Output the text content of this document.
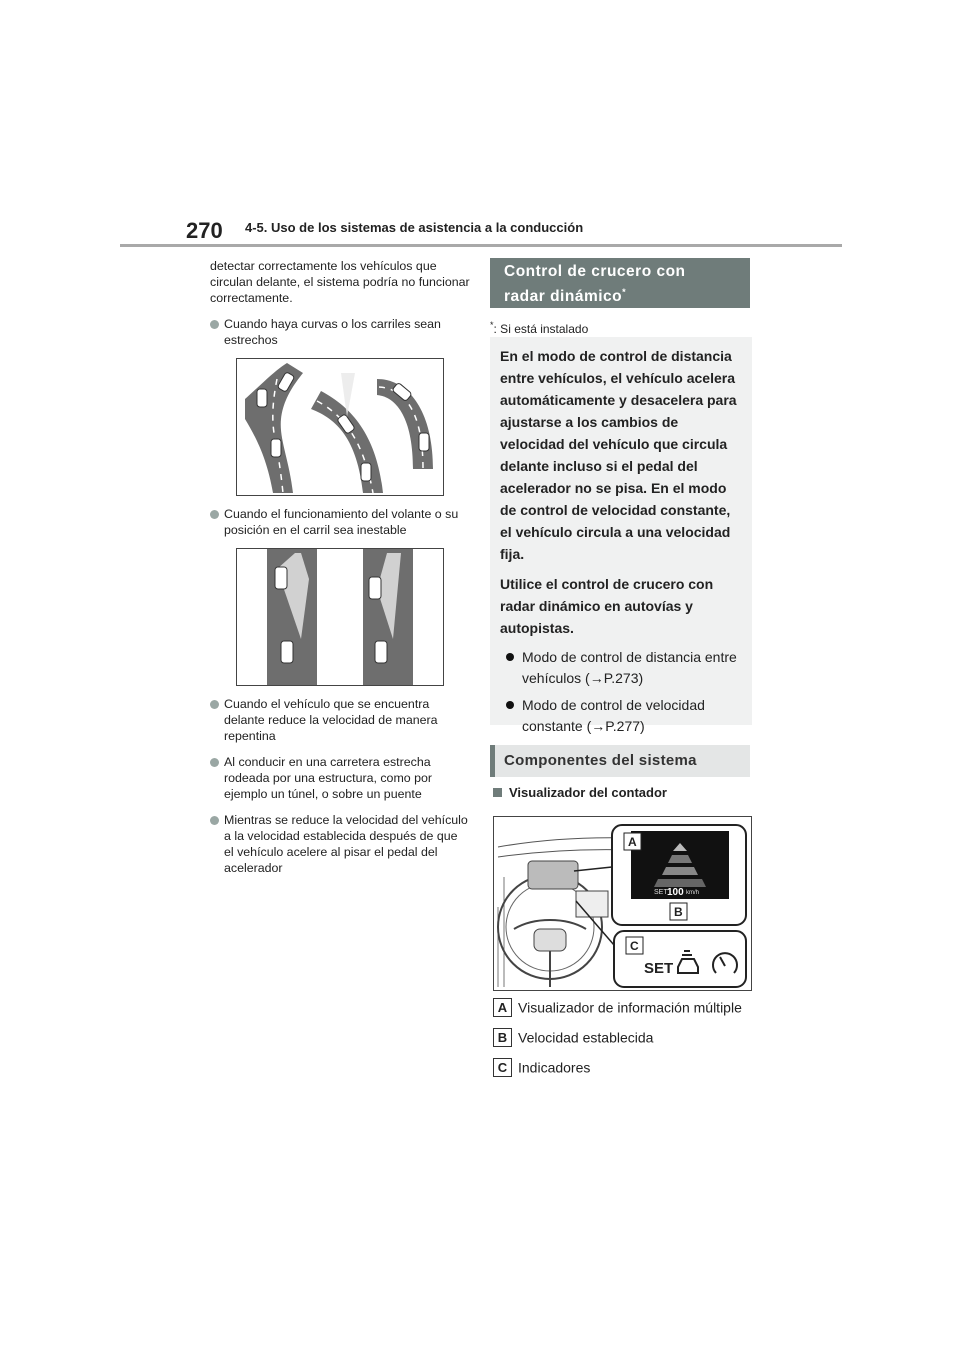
270 4-5. Uso de los sistemas de asistencia a la conducción

detectar correctamente los vehículos que circulan delante, el sistema podría no funcionar correctamente.

Cuando haya curvas o los carriles sean estrechos
Cuando el funcionamiento del volante o su posición en el carril sea inestable
Cuando el vehículo que se encuentra delante reduce la velocidad de manera repentina
Al conducir en una carretera estrecha rodeada por una estructura, como por ejemplo un túnel, o sobre un puente
Mientras se reduce la velocidad del vehículo a la velocidad establecida después de que el vehículo acelere al pisar el pedal del acelerador
Control de crucero con
radar dinámico*
*: Si está instalado

En el modo de control de distancia entre vehículos, el vehículo acelera automáticamente y desacelera para ajustarse a los cambios de velocidad del vehículo que circula delante incluso si el pedal del acelerador no se pisa. En el modo de control de velocidad constante, el vehículo circula a una velocidad fija.

Utilice el control de crucero con radar dinámico en autovías y autopistas.

Modo de control de distancia entre vehículos (→P.273)
Modo de control de velocidad constante (→P.277)
Componentes del sistema
Visualizador del contador
SET 100 km/h
A
B
C
SET
A Visualizador de información múltiple
B Velocidad establecida
C Indicadores
